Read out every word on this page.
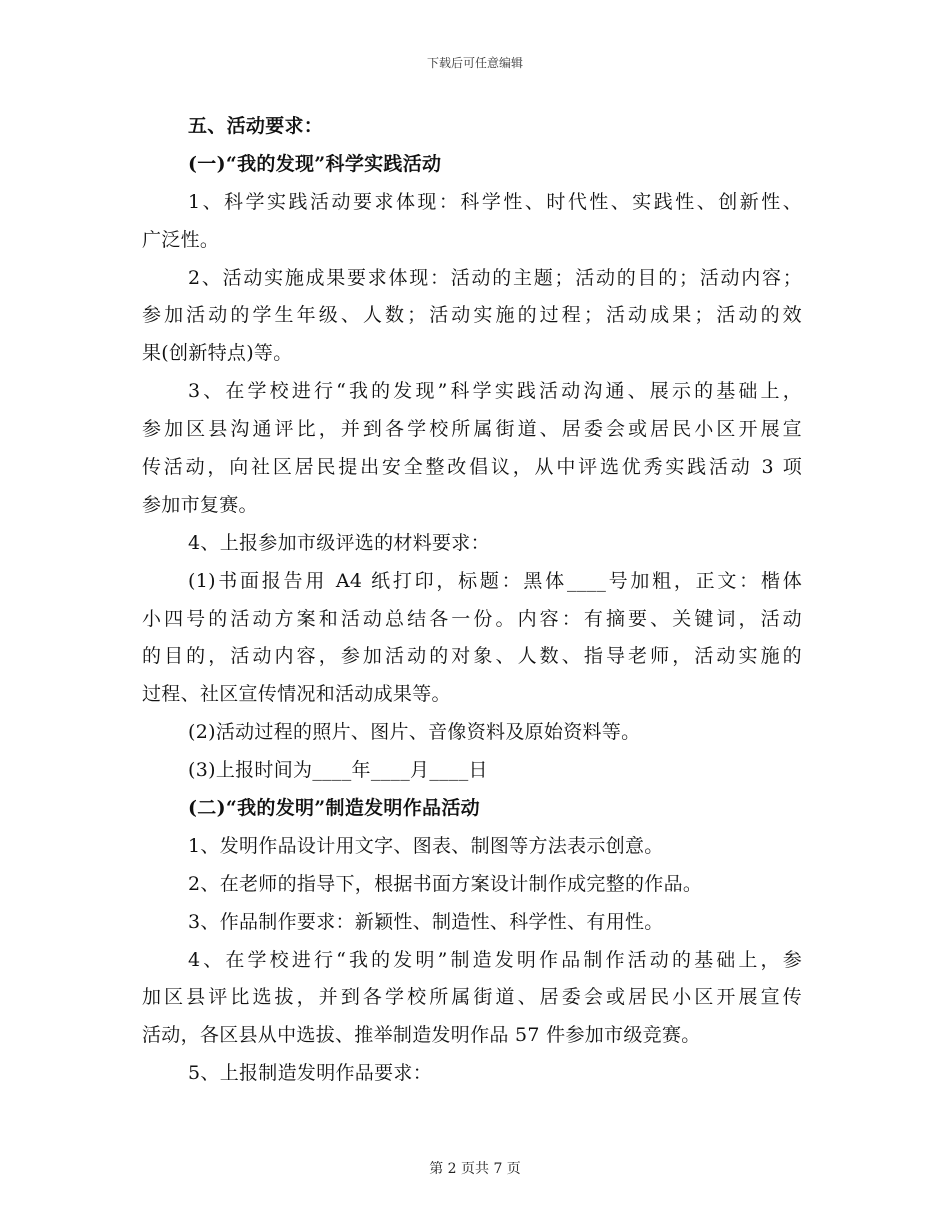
下载后可任意编辑
五、活动要求：
(一)“我的发现”科学实践活动
1、科学实践活动要求体现：科学性、时代性、实践性、创新性、
广泛性。
2、活动实施成果要求体现：活动的主题；活动的目的；活动内容；
参加活动的学生年级、人数；活动实施的过程；活动成果；活动的效
果(创新特点)等。
3、在学校进行“我的发现”科学实践活动沟通、展示的基础上，
参加区县沟通评比，并到各学校所属街道、居委会或居民小区开展宣
传活动，向社区居民提出安全整改倡议，从中评选优秀实践活动 3 项
参加市复赛。
4、上报参加市级评选的材料要求：
(1)书面报告用 A4 纸打印，标题：黑体____号加粗，正文：楷体
小四号的活动方案和活动总结各一份。内容：有摘要、关键词，活动
的目的，活动内容，参加活动的对象、人数、指导老师，活动实施的
过程、社区宣传情况和活动成果等。
(2)活动过程的照片、图片、音像资料及原始资料等。
(3)上报时间为____年____月____日
(二)“我的发明”制造发明作品活动
1、发明作品设计用文字、图表、制图等方法表示创意。
2、在老师的指导下，根据书面方案设计制作成完整的作品。
3、作品制作要求：新颖性、制造性、科学性、有用性。
4、在学校进行“我的发明”制造发明作品制作活动的基础上，参
加区县评比选拔，并到各学校所属街道、居委会或居民小区开展宣传
活动，各区县从中选拔、推举制造发明作品 57 件参加市级竞赛。
5、上报制造发明作品要求：
第 2 页共 7 页
